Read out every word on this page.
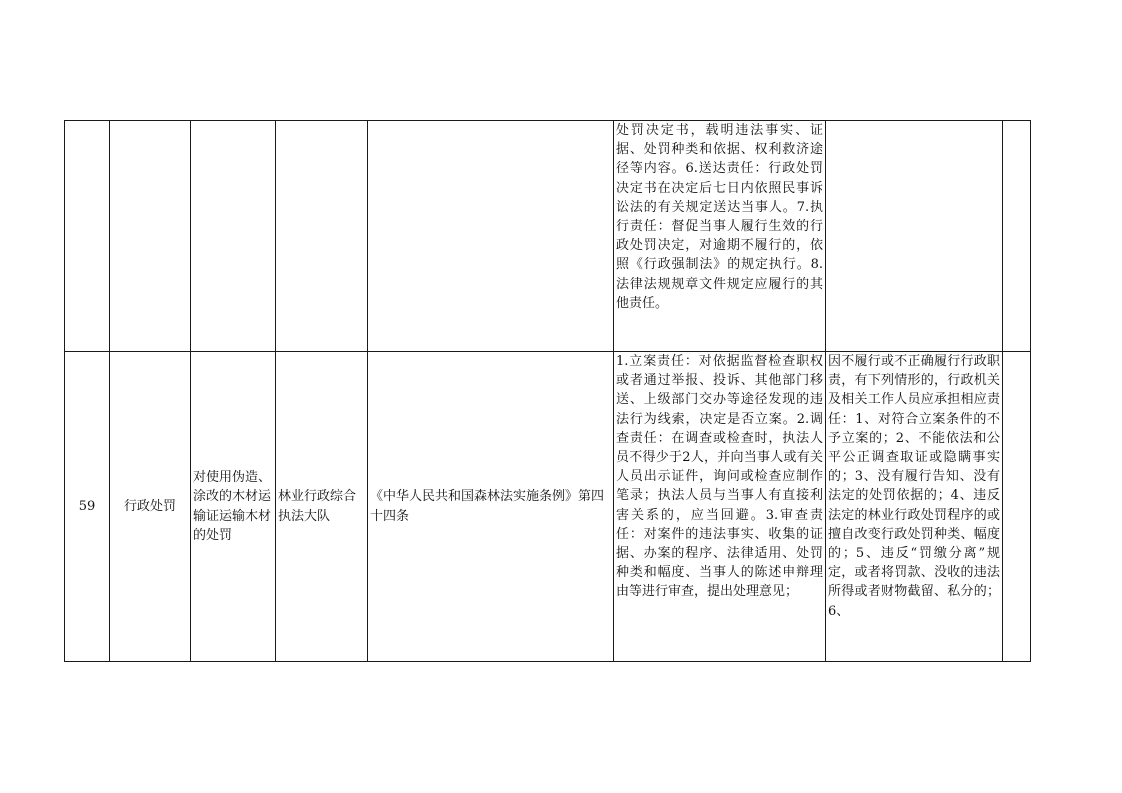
					处罚决定书，载明违法事实、证据、处罚种类和依据、权利救济途径等内容。6.送达责任：行政处罚决定书在决定后七日内依照民事诉讼法的有关规定送达当事人。7.执行责任：督促当事人履行生效的行政处罚决定，对逾期不履行的，依照《行政强制法》的规定执行。8.法律法规规章文件规定应履行的其他责任。		
59	行政处罚	对使用伪造、涂改的木材运输证运输木材的处罚	林业行政综合执法大队	《中华人民共和国森林法实施条例》第四十四条	1.立案责任：对依据监督检查职权或者通过举报、投诉、其他部门移送、上级部门交办等途径发现的违法行为线索，决定是否立案。2.调查责任：在调查或检查时，执法人员不得少于2人，并向当事人或有关人员出示证件，询问或检查应制作笔录；执法人员与当事人有直接利害关系的，应当回避。3.审查责任：对案件的违法事实、收集的证据、办案的程序、法律适用、处罚种类和幅度、当事人的陈述申辩理由等进行审查，提出处理意见；	因不履行或不正确履行行政职责，有下列情形的，行政机关及相关工作人员应承担相应责任：1、对符合立案条件的不予立案的；2、不能依法和公平公正调查取证或隐瞒事实的；3、没有履行告知、没有法定的处罚依据的；4、违反法定的林业行政处罚程序的或擅自改变行政处罚种类、幅度的；5、违反“罚缴分离”规定，或者将罚款、没收的违法所得或者财物截留、私分的；6、	
